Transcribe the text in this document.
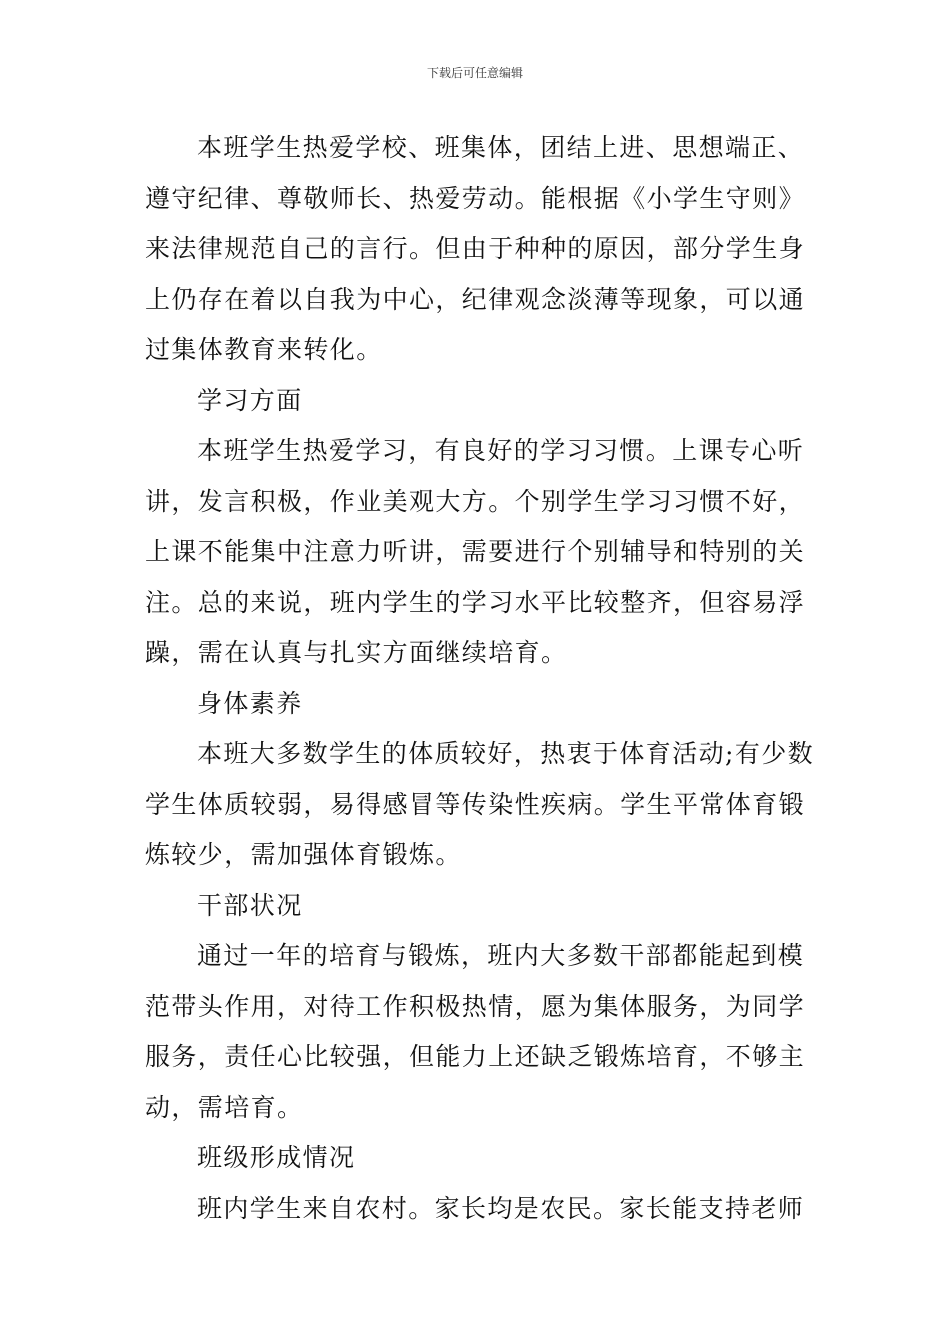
下载后可任意编辑
本班学生热爱学校、班集体，团结上进、思想端正、
遵守纪律、尊敬师长、热爱劳动。能根据《小学生守则》
来法律规范自己的言行。但由于种种的原因，部分学生身
上仍存在着以自我为中心，纪律观念淡薄等现象，可以通
过集体教育来转化。
学习方面
本班学生热爱学习，有良好的学习习惯。上课专心听
讲，发言积极，作业美观大方。个别学生学习习惯不好，
上课不能集中注意力听讲，需要进行个别辅导和特别的关
注。总的来说，班内学生的学习水平比较整齐，但容易浮
躁，需在认真与扎实方面继续培育。
身体素养
本班大多数学生的体质较好，热衷于体育活动;有少数
学生体质较弱，易得感冒等传染性疾病。学生平常体育锻
炼较少，需加强体育锻炼。
干部状况
通过一年的培育与锻炼，班内大多数干部都能起到模
范带头作用，对待工作积极热情，愿为集体服务，为同学
服务，责任心比较强，但能力上还缺乏锻炼培育，不够主
动，需培育。
班级形成情况
班内学生来自农村。家长均是农民。家长能支持老师
